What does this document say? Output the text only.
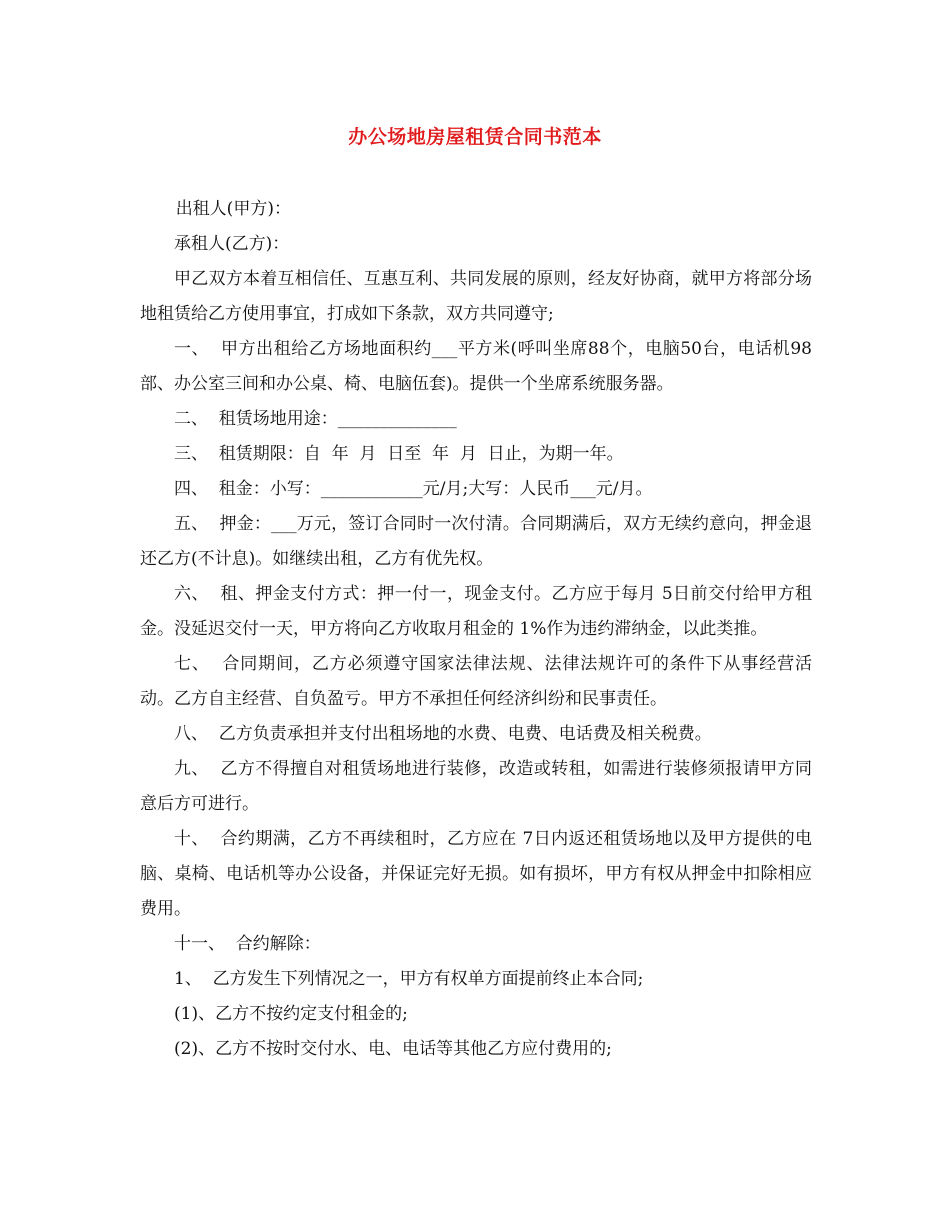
办公场地房屋租赁合同书范本

出租人(甲方)：

承租人(乙方)：

甲乙双方本着互相信任、互惠互利、共同发展的原则，经友好协商，就甲方将部分场地租赁给乙方使用事宜，打成如下条款，双方共同遵守;

一、  甲方出租给乙方场地面积约___平方米(呼叫坐席88个，电脑50台，电话机98部、办公室三间和办公桌、椅、电脑伍套)。提供一个坐席系统服务器。

二、  租赁场地用途：______________

三、  租赁期限：自  年  月  日至  年  月  日止，为期一年。

四、  租金：小写：____________元/月;大写：人民币___元/月。

五、  押金：___万元，签订合同时一次付清。合同期满后，双方无续约意向，押金退还乙方(不计息)。如继续出租，乙方有优先权。

六、  租、押金支付方式：押一付一，现金支付。乙方应于每月 5日前交付给甲方租金。没延迟交付一天，甲方将向乙方收取月租金的 1%作为违约滞纳金，以此类推。

七、  合同期间，乙方必须遵守国家法律法规、法律法规许可的条件下从事经营活动。乙方自主经营、自负盈亏。甲方不承担任何经济纠纷和民事责任。

八、  乙方负责承担并支付出租场地的水费、电费、电话费及相关税费。

九、  乙方不得擅自对租赁场地进行装修，改造或转租，如需进行装修须报请甲方同意后方可进行。

十、  合约期满，乙方不再续租时，乙方应在 7日内返还租赁场地以及甲方提供的电脑、桌椅、电话机等办公设备，并保证完好无损。如有损坏，甲方有权从押金中扣除相应费用。

十一、  合约解除：

1、  乙方发生下列情况之一，甲方有权单方面提前终止本合同;

(1)、乙方不按约定支付租金的;

(2)、乙方不按时交付水、电、电话等其他乙方应付费用的;
